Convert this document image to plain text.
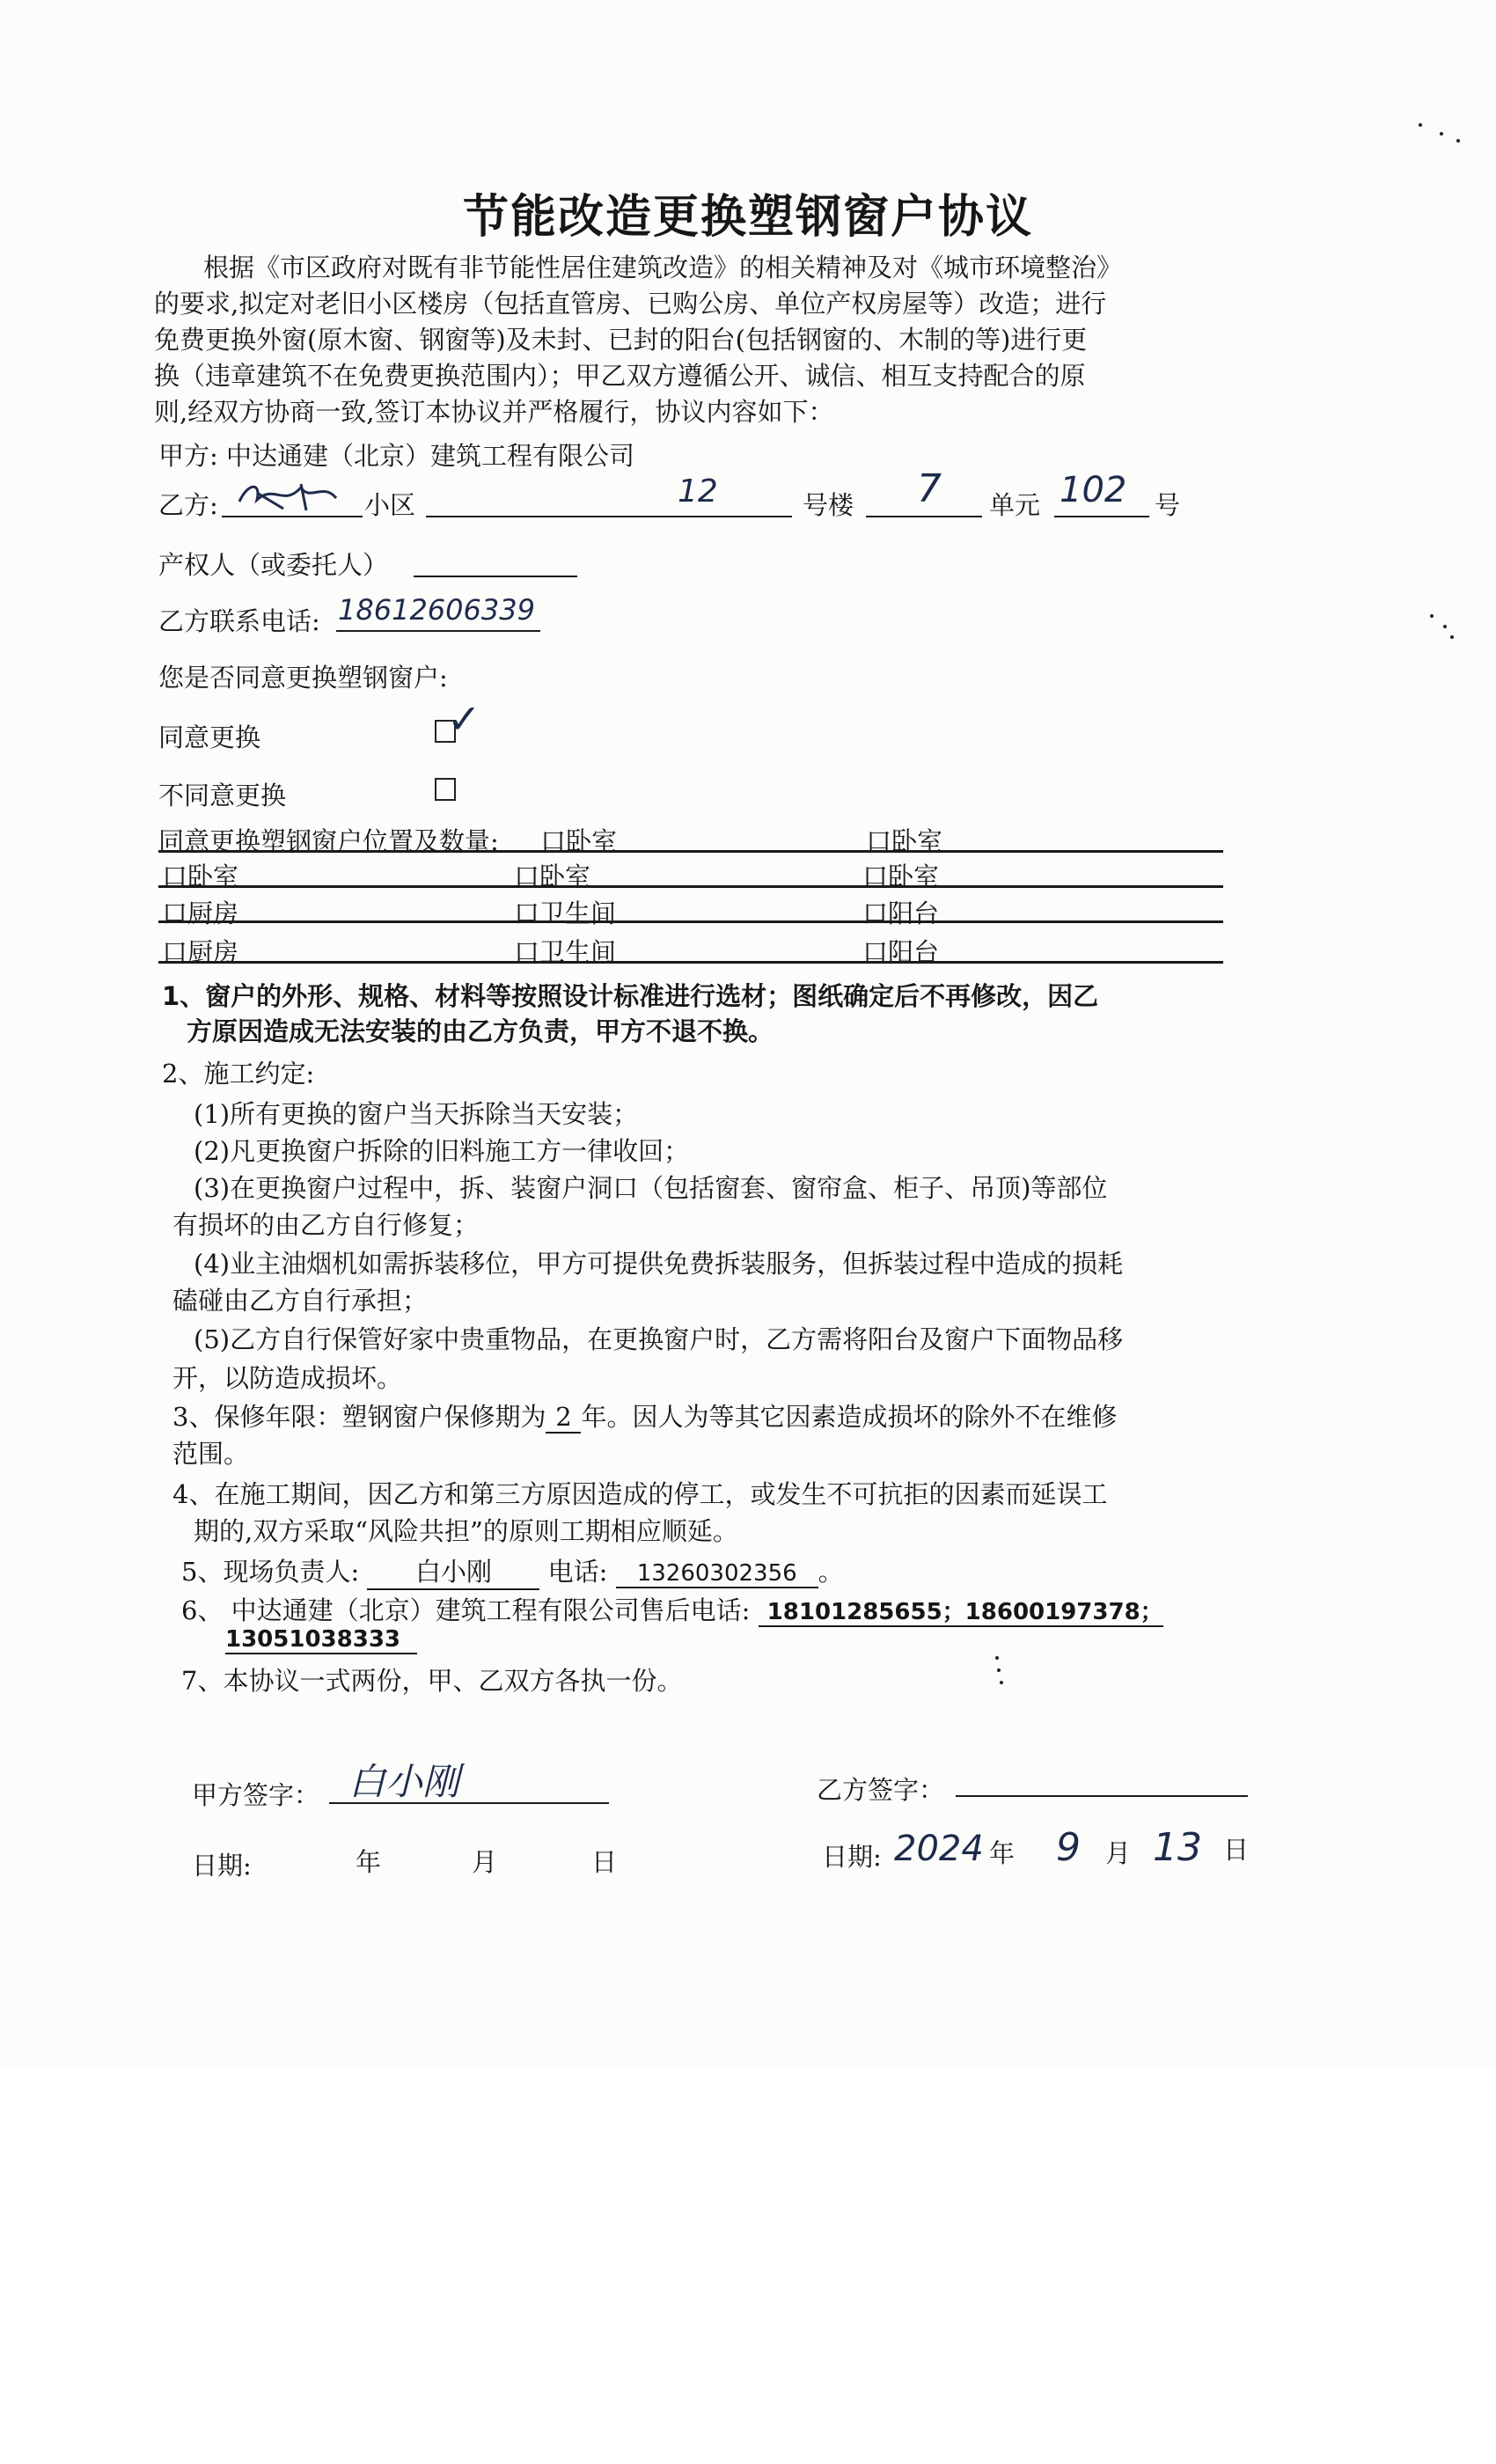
节能改造更换塑钢窗户协议
根据《市区政府对既有非节能性居住建筑改造》的相关精神及对《城市环境整治》
的要求,拟定对老旧小区楼房（包括直管房、已购公房、单位产权房屋等）改造；进行
免费更换外窗(原木窗、钢窗等)及未封、已封的阳台(包括钢窗的、木制的等)进行更
换（违章建筑不在免费更换范围内）；甲乙双方遵循公开、诚信、相互支持配合的原
则,经双方协商一致,签订本协议并严格履行，协议内容如下：
甲方: 中达通建（北京）建筑工程有限公司
乙方:	小区	12	号楼 7 单元 102 号
产权人（或委托人）
乙方联系电话: 18612606339
您是否同意更换塑钢窗户:
同意更换	✓
不同意更换
同意更换塑钢窗户位置及数量: 口卧室	口卧室
口卧室	口卧室	口卧室
口厨房	口卫生间	口阳台
口厨房	口卫生间	口阳台
1、窗户的外形、规格、材料等按照设计标准进行选材；图纸确定后不再修改，因乙
方原因造成无法安装的由乙方负责，甲方不退不换。
2、施工约定:
(1)所有更换的窗户当天拆除当天安装；
(2)凡更换窗户拆除的旧料施工方一律收回；
(3)在更换窗户过程中，拆、装窗户洞口（包括窗套、窗帘盒、柜子、吊顶)等部位
有损坏的由乙方自行修复；
(4)业主油烟机如需拆装移位，甲方可提供免费拆装服务，但拆装过程中造成的损耗
磕碰由乙方自行承担；
(5)乙方自行保管好家中贵重物品，在更换窗户时，乙方需将阳台及窗户下面物品移
开，以防造成损坏。
3、保修年限：塑钢窗户保修期为 2 年。因人为等其它因素造成损坏的除外不在维修
范围。
4、在施工期间，因乙方和第三方原因造成的停工，或发生不可抗拒的因素而延误工
期的,双方采取“风险共担”的原则工期相应顺延。
5、现场负责人: 白小刚 电话: 13260302356 。
6、 中达通建（北京）建筑工程有限公司售后电话: 18101285655；18600197378；
13051038333
7、本协议一式两份，甲、乙双方各执一份。
甲方签字： 白小刚	乙方签字：
日期:	年	月	日	日期: 2024 年 9 月 13 日
